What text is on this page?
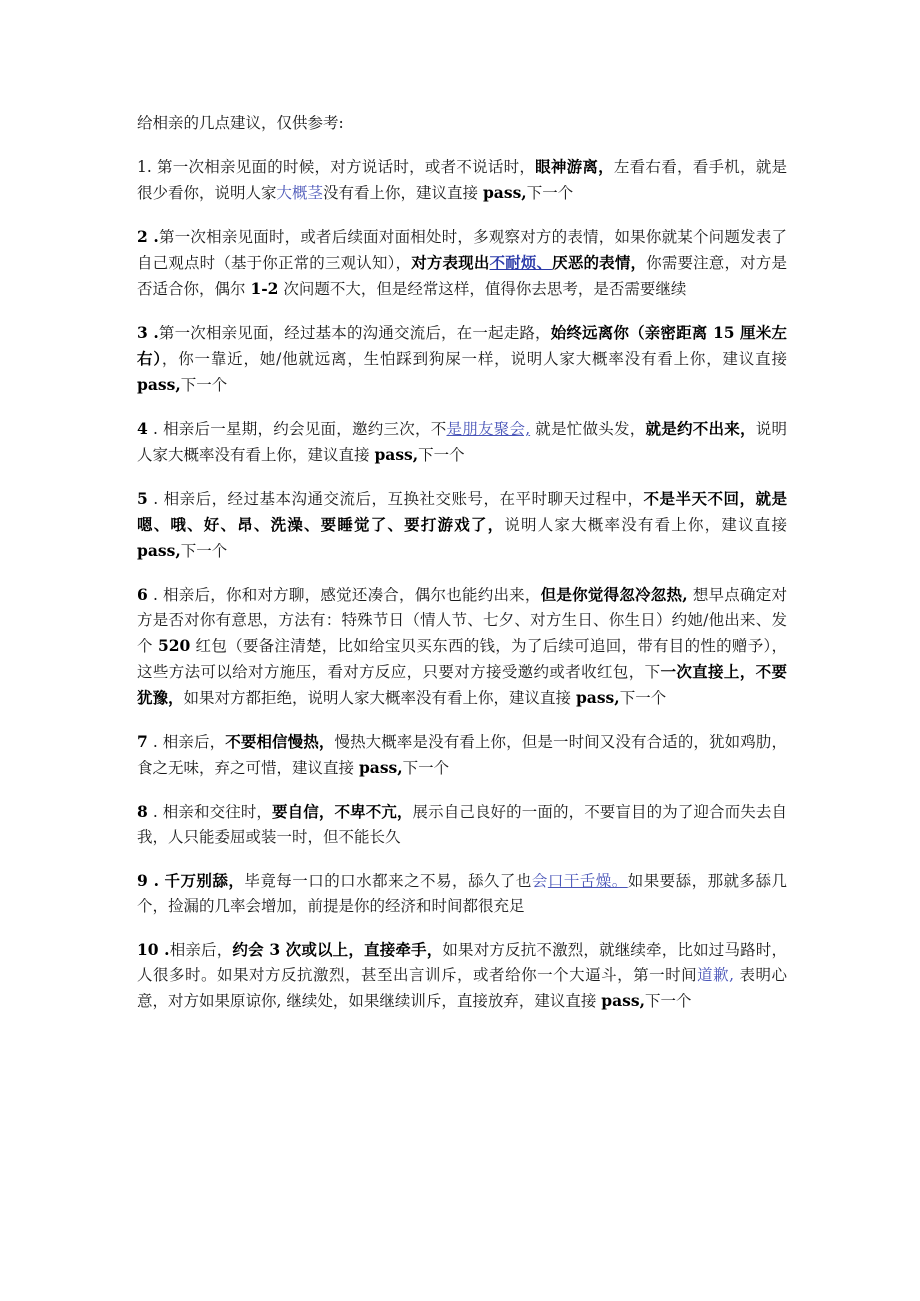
给相亲的几点建议，仅供参考:

1. 第一次相亲见面的时候，对方说话时，或者不说话时，眼神游离，左看右看，看手机，就是很少看你，说明人家大概茎没有看上你，建议直接 pass,下一个

2 .第一次相亲见面时，或者后续面对面相处时，多观察对方的表情，如果你就某个问题发表了自己观点时（基于你正常的三观认知），对方表现出不耐烦、厌恶的表情，你需要注意，对方是否适合你，偶尔 1-2 次问题不大，但是经常这样，值得你去思考，是否需要继续

3 .第一次相亲见面，经过基本的沟通交流后，在一起走路，始终远离你（亲密距离 15 厘米左右），你一靠近，她/他就远离，生怕踩到狗屎一样，说明人家大概率没有看上你，建议直接 pass,下一个

4 . 相亲后一星期，约会见面，邀约三次，不是朋友聚会, 就是忙做头发，就是约不出来，说明人家大概率没有看上你，建议直接 pass,下一个

5 . 相亲后，经过基本沟通交流后，互换社交账号，在平时聊天过程中，不是半天不回，就是嗯、哦、好、昂、洗澡、要睡觉了、要打游戏了，说明人家大概率没有看上你，建议直接 pass,下一个

6 . 相亲后，你和对方聊，感觉还凑合，偶尔也能约出来，但是你觉得忽冷忽热, 想早点确定对方是否对你有意思，方法有：特殊节日（情人节、七夕、对方生日、你生日）约她/他出来、发个 520 红包（要备注清楚，比如给宝贝买东西的钱，为了后续可追回，带有目的性的赠予），这些方法可以给对方施压，看对方反应，只要对方接受邀约或者收红包，下一次直接上，不要犹豫，如果对方都拒绝，说明人家大概率没有看上你，建议直接 pass,下一个

7 . 相亲后，不要相信慢热，慢热大概率是没有看上你，但是一时间又没有合适的，犹如鸡肋，食之无味，弃之可惜，建议直接 pass,下一个

8 . 相亲和交往时，要自信，不卑不亢，展示自己良好的一面的，不要盲目的为了迎合而失去自我，人只能委屈或装一时，但不能长久

9 . 千万别舔，毕竟每一口的口水都来之不易，舔久了也会口干舌燥。如果要舔，那就多舔几个，捡漏的几率会增加，前提是你的经济和时间都很充足

10 .相亲后，约会 3 次或以上，直接牵手，如果对方反抗不激烈，就继续牵，比如过马路时，人很多时。如果对方反抗激烈，甚至出言训斥，或者给你一个大逼斗，第一时间道歉, 表明心意，对方如果原谅你, 继续处，如果继续训斥，直接放弃，建议直接 pass,下一个
